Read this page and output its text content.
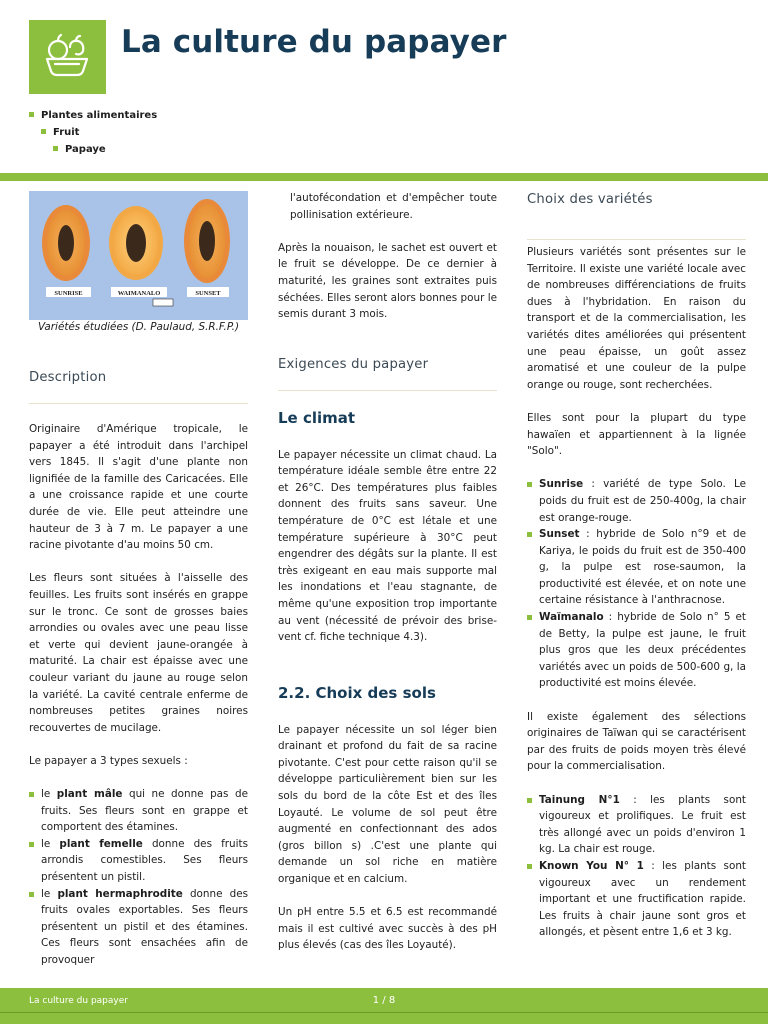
La culture du papayer
Plantes alimentaires
Fruit
Papaye
SUNRISE	WAIMANALO	SUNSET
Variétés étudiées (D. Paulaud, S.R.F.P.)
Description

Originaire d'Amérique tropicale, le papayer a été introduit dans l'archipel vers 1845. Il s'agit d'une plante non lignifiée de la famille des Caricacées. Elle a une croissance rapide et une courte durée de vie. Elle peut atteindre une hauteur de 3 à 7 m. Le papayer a une racine pivotante d'au moins 50 cm.

Les fleurs sont situées à l'aisselle des feuilles. Les fruits sont insérés en grappe sur le tronc. Ce sont de grosses baies arrondies ou ovales avec une peau lisse et verte qui devient jaune-orangée à maturité. La chair est épaisse avec une couleur variant du jaune au rouge selon la variété. La cavité centrale enferme de nombreuses petites graines noires recouvertes de mucilage.

Le papayer a 3 types sexuels :

le plant mâle qui ne donne pas de fruits. Ses fleurs sont en grappe et comportent des étamines.
le plant femelle donne des fruits arrondis comestibles. Ses fleurs présentent un pistil.
le plant hermaphrodite donne des fruits ovales exportables. Ses fleurs présentent un pistil et des étamines. Ces fleurs sont ensachées afin de provoquer

l'autofécondation et d'empêcher toute pollinisation extérieure.

Après la nouaison, le sachet est ouvert et le fruit se développe. De ce dernier à maturité, les graines sont extraites puis séchées. Elles seront alors bonnes pour le semis durant 3 mois.

Exigences du papayer
Le climat

Le papayer nécessite un climat chaud. La température idéale semble être entre 22 et 26°C. Des températures plus faibles donnent des fruits sans saveur. Une température de 0°C est létale et une température supérieure à 30°C peut engendrer des dégâts sur la plante. Il est très exigeant en eau mais supporte mal les inondations et l'eau stagnante, de même qu'une exposition trop importante au vent (nécessité de prévoir des brise-vent cf. fiche technique 4.3).

2.2. Choix des sols

Le papayer nécessite un sol léger bien drainant et profond du fait de sa racine pivotante. C'est pour cette raison qu'il se développe particulièrement bien sur les sols du bord de la côte Est et des îles Loyauté. Le volume de sol peut être augmenté en confectionnant des ados (gros billon s) .C'est une plante qui demande un sol riche en matière organique et en calcium.

Un pH entre 5.5 et 6.5 est recommandé mais il est cultivé avec succès à des pH plus élevés (cas des îles Loyauté).

Choix des variétés

Plusieurs variétés sont présentes sur le Territoire. Il existe une variété locale avec de nombreuses différenciations de fruits dues à l'hybridation. En raison du transport et de la commercialisation, les variétés dites améliorées qui présentent une peau épaisse, un goût assez aromatisé et une couleur de la pulpe orange ou rouge, sont recherchées.

Elles sont pour la plupart du type hawaïen et appartiennent à la lignée "Solo".

Sunrise : variété de type Solo. Le poids du fruit est de 250-400g, la chair est orange-rouge.
Sunset : hybride de Solo n°9 et de Kariya, le poids du fruit est de 350-400 g, la pulpe est rose-saumon, la productivité est élevée, et on note une certaine résistance à l'anthracnose.
Waïmanalo : hybride de Solo n° 5 et de Betty, la pulpe est jaune, le fruit plus gros que les deux précédentes variétés avec un poids de 500-600 g, la productivité est moins élevée.

Il existe également des sélections originaires de Taïwan qui se caractérisent par des fruits de poids moyen très élevé pour la commercialisation.

Tainung N°1 : les plants sont vigoureux et prolifiques. Le fruit est très allongé avec un poids d'environ 1 kg. La chair est rouge.
Known You N° 1 : les plants sont vigoureux avec un rendement important et une fructification rapide. Les fruits à chair jaune sont gros et allongés, et pèsent entre 1,6 et 3 kg.
La culture du papayer	1 / 8
